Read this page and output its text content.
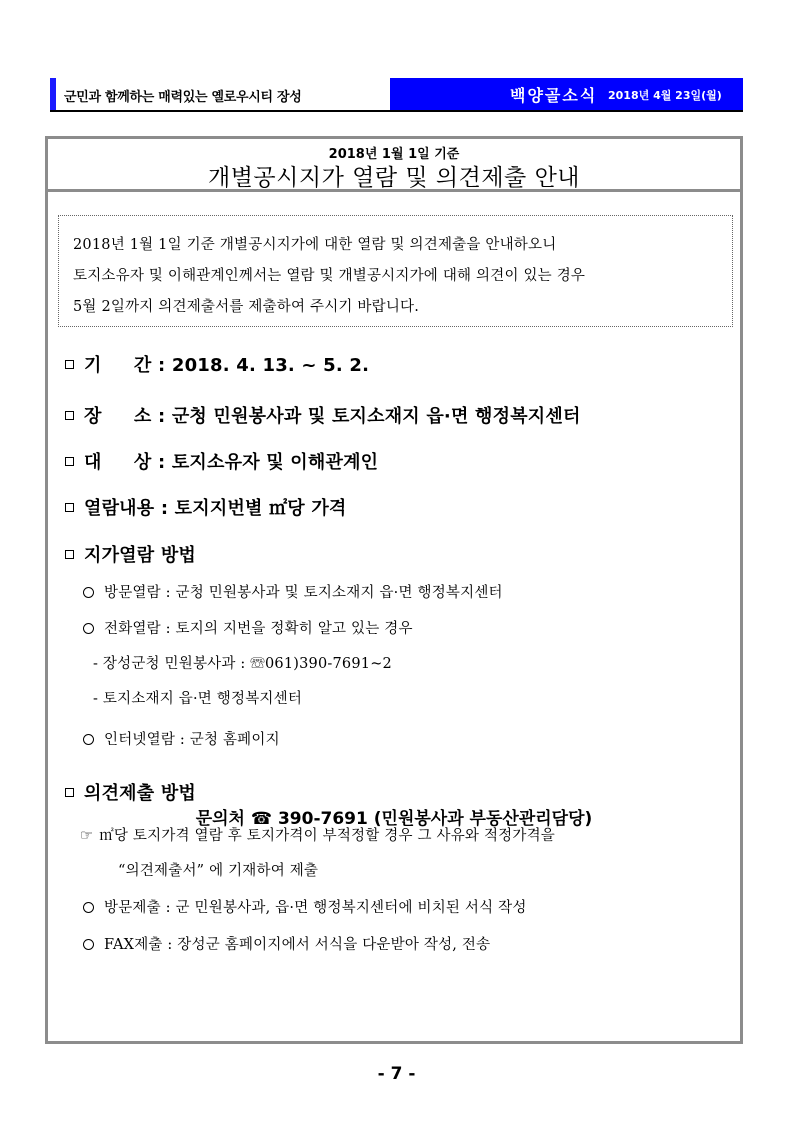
군민과 함께하는 매력있는 옐로우시티 장성	백양골소식 2018년 4월 23일(월)
2018년 1월 1일 기준
개별공시지가 열람 및 의견제출 안내
2018년 1월 1일 기준 개별공시지가에 대한 열람 및 의견제출을 안내하오니
토지소유자 및 이해관계인께서는 열람 및 개별공시지가에 대해 의견이 있는 경우
5월 2일까지 의견제출서를 제출하여 주시기 바랍니다.
기     간 : 2018. 4. 13. ~ 5. 2.
장     소 : 군청 민원봉사과 및 토지소재지 읍·면 행정복지센터
대     상 : 토지소유자 및 이해관계인
열람내용 : 토지지번별 ㎡당 가격
지가열람 방법
방문열람 : 군청 민원봉사과 및 토지소재지 읍·면 행정복지센터
전화열람 : 토지의 지번을 정확히 알고 있는 경우
- 장성군청 민원봉사과 : ☏061)390-7691~2
- 토지소재지 읍·면 행정복지센터
인터넷열람 : 군청 홈페이지
의견제출 방법
☞ ㎡당 토지가격 열람 후 토지가격이 부적정할 경우 그 사유와 적정가격을
“의견제출서” 에 기재하여 제출
방문제출 : 군 민원봉사과, 읍·면 행정복지센터에 비치된 서식 작성
FAX제출 : 장성군 홈페이지에서 서식을 다운받아 작성, 전송
문의처 ☎ 390-7691 (민원봉사과 부동산관리담당)
- 7 -
